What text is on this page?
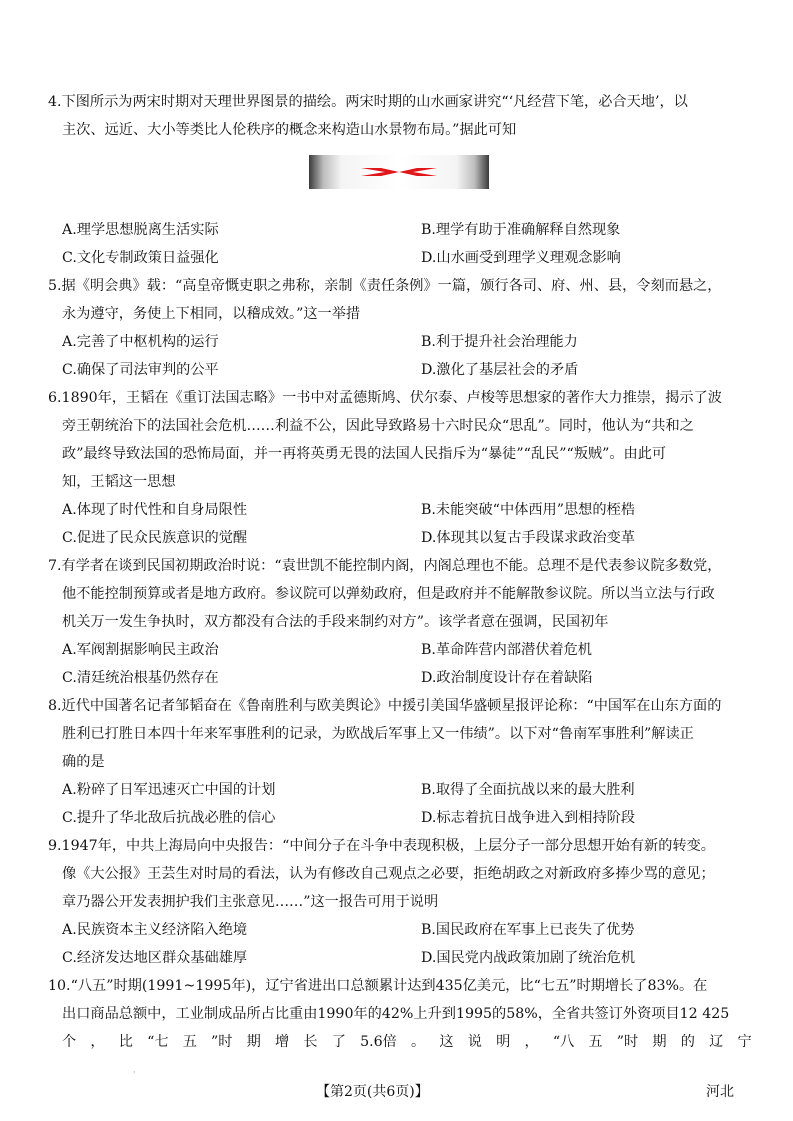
4.下图所示为两宋时期对天理世界图景的描绘。两宋时期的山水画家讲究“‘凡经营下笔，必合天地’，以
主次、远近、大小等类比人伦秩序的概念来构造山水景物布局。”据此可知
A.理学思想脱离生活实际	B.理学有助于准确解释自然现象
C.文化专制政策日益强化	D.山水画受到理学义理观念影响
5.据《明会典》载：“高皇帝慨吏职之弗称，亲制《责任条例》一篇，颁行各司、府、州、县，令刻而悬之，
永为遵守，务使上下相同，以稽成效。”这一举措
A.完善了中枢机构的运行	B.利于提升社会治理能力
C.确保了司法审判的公平	D.激化了基层社会的矛盾
6.1890年，王韬在《重订法国志略》一书中对孟德斯鸠、伏尔泰、卢梭等思想家的著作大力推崇，揭示了波
旁王朝统治下的法国社会危机……利益不公，因此导致路易十六时民众“思乱”。同时，他认为“共和之
政”最终导致法国的恐怖局面，并一再将英勇无畏的法国人民指斥为“暴徒”“乱民”“叛贼”。由此可
知，王韬这一思想
A.体现了时代性和自身局限性	B.未能突破“中体西用”思想的桎梏
C.促进了民众民族意识的觉醒	D.体现其以复古手段谋求政治变革
7.有学者在谈到民国初期政治时说：“袁世凯不能控制内阁，内阁总理也不能。总理不是代表参议院多数党，
他不能控制预算或者是地方政府。参议院可以弹劾政府，但是政府并不能解散参议院。所以当立法与行政
机关万一发生争执时，双方都没有合法的手段来制约对方”。该学者意在强调，民国初年
A.军阀割据影响民主政治	B.革命阵营内部潜伏着危机
C.清廷统治根基仍然存在	D.政治制度设计存在着缺陷
8.近代中国著名记者邹韬奋在《鲁南胜利与欧美舆论》中援引美国华盛顿星报评论称：“中国军在山东方面的
胜利已打胜日本四十年来军事胜利的记录，为欧战后军事上又一伟绩”。以下对“鲁南军事胜利”解读正
确的是
A.粉碎了日军迅速灭亡中国的计划	B.取得了全面抗战以来的最大胜利
C.提升了华北敌后抗战必胜的信心	D.标志着抗日战争进入到相持阶段
9.1947年，中共上海局向中央报告：“中间分子在斗争中表现积极，上层分子一部分思想开始有新的转变。
像《大公报》王芸生对时局的看法，认为有修改自己观点之必要，拒绝胡政之对新政府多捧少骂的意见；
章乃器公开发表拥护我们主张意见……”这一报告可用于说明
A.民族资本主义经济陷入绝境	B.国民政府在军事上已丧失了优势
C.经济发达地区群众基础雄厚	D.国民党内战政策加剧了统治危机
10.“八五”时期(1991~1995年)，辽宁省进出口总额累计达到435亿美元，比“七五”时期增长了83%。在
出口商品总额中，工业制成品所占比重由1990年的42%上升到1995的58%，全省共签订外资项目12 425
个 ， 比 “七 五 ”时 期 增 长 了 5.6倍 。 这 说 明 ， “八 五 ”时 期 的 辽 宁
·
【第2页(共6页)】	河北
